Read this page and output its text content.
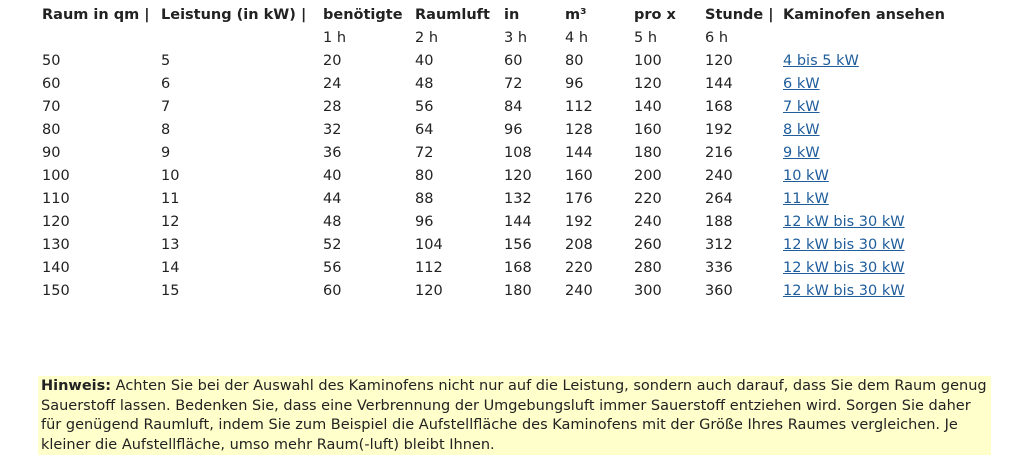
Raum in qm |	Leistung (in kW) |	benötigte	Raumluft	in	m³	pro x	Stunde |	Kaminofen ansehen
		1 h	2 h	3 h	4 h	5 h	6 h	
50	5	20	40	60	80	100	120	4 bis 5 kW
60	6	24	48	72	96	120	144	6 kW
70	7	28	56	84	112	140	168	7 kW
80	8	32	64	96	128	160	192	8 kW
90	9	36	72	108	144	180	216	9 kW
100	10	40	80	120	160	200	240	10 kW
110	11	44	88	132	176	220	264	11 kW
120	12	48	96	144	192	240	188	12 kW bis 30 kW
130	13	52	104	156	208	260	312	12 kW bis 30 kW
140	14	56	112	168	220	280	336	12 kW bis 30 kW
150	15	60	120	180	240	300	360	12 kW bis 30 kW
Hinweis: Achten Sie bei der Auswahl des Kaminofens nicht nur auf die Leistung, sondern auch darauf, dass Sie dem Raum genug Sauerstoff lassen. Bedenken Sie, dass eine Verbrennung der Umgebungsluft immer Sauerstoff entziehen wird. Sorgen Sie daher für genügend Raumluft, indem Sie zum Beispiel die Aufstellfläche des Kaminofens mit der Größe Ihres Raumes vergleichen. Je kleiner die Aufstellfläche, umso mehr Raum(-luft) bleibt Ihnen.
